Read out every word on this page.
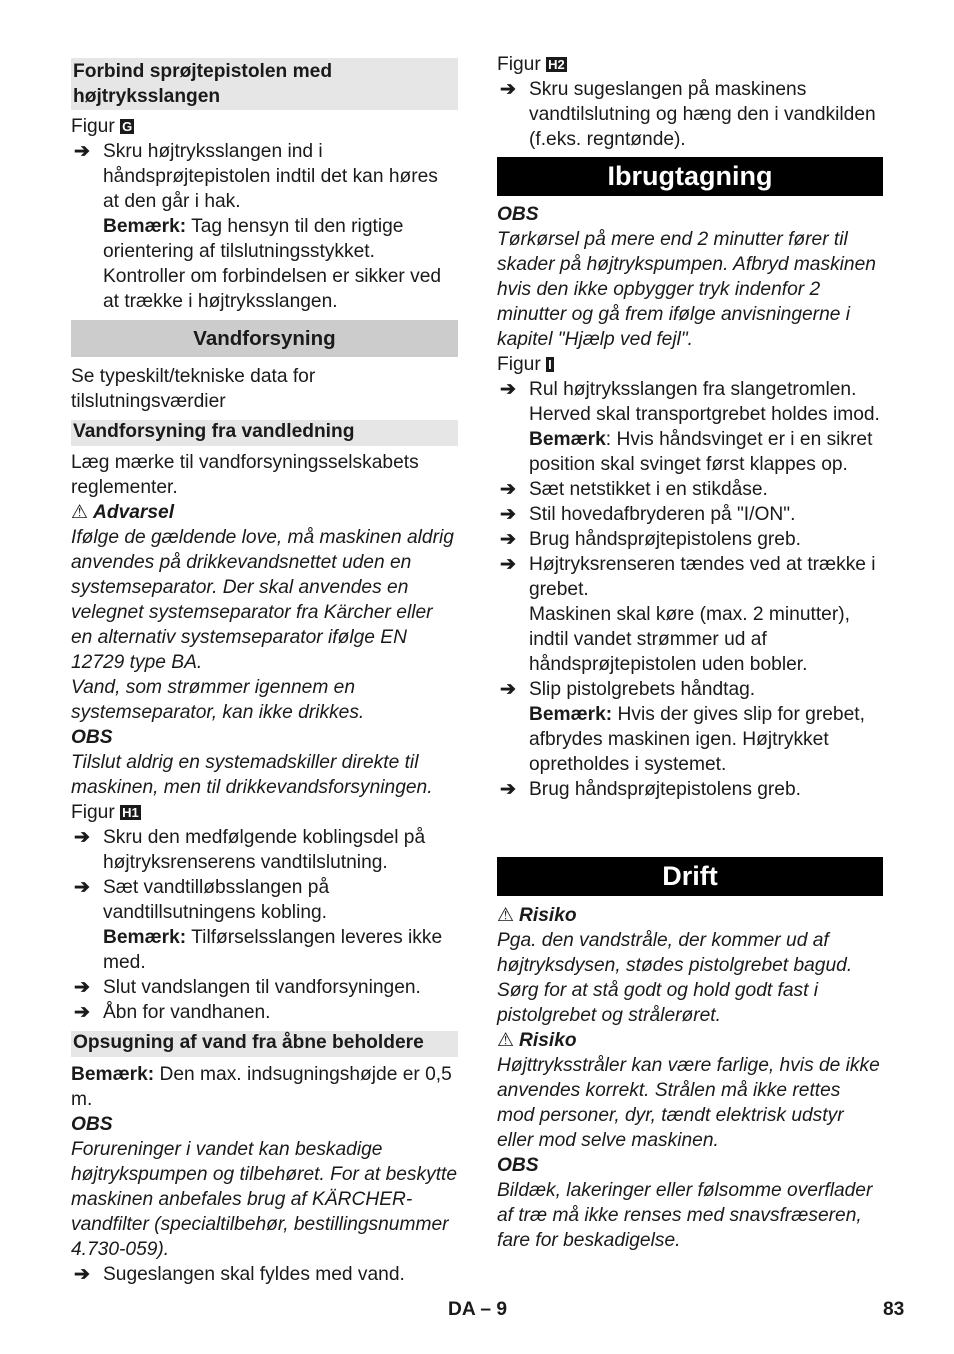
Forbind sprøjtepistolen med højtryksslangen

Figur G

➔ Skru højtryksslangen ind i håndsprøjtepistolen indtil det kan høres at den går i hak.

Bemærk: Tag hensyn til den rigtige orientering af tilslutningsstykket.

Kontroller om forbindelsen er sikker ved at trække i højtryksslangen.

Vandforsyning

Se typeskilt/tekniske data for tilslutningsværdier

Vandforsyning fra vandledning

Læg mærke til vandforsyningsselskabets reglementer.

⚠ Advarsel

Ifølge de gældende love, må maskinen aldrig anvendes på drikkevandsnettet uden en systemseparator. Der skal anvendes en velegnet systemseparator fra Kärcher eller en alternativ systemseparator ifølge EN 12729 type BA.

Vand, som strømmer igennem en systemseparator, kan ikke drikkes.

OBS

Tilslut aldrig en systemadskiller direkte til maskinen, men til drikkevandsforsyningen.

Figur H1

➔ Skru den medfølgende koblingsdel på højtryksrenserens vandtilslutning.

➔ Sæt vandtilløbsslangen på vandtillsutningens kobling.

Bemærk: Tilførselsslangen leveres ikke med.

➔ Slut vandslangen til vandforsyningen.

➔ Åbn for vandhanen.

Opsugning af vand fra åbne beholdere

Bemærk: Den max. indsugningshøjde er 0,5 m.

OBS

Forureninger i vandet kan beskadige højtrykspumpen og tilbehøret. For at beskytte maskinen anbefales brug af KÄRCHER-vandfilter (specialtilbehør, bestillingsnummer 4.730-059).

➔ Sugeslangen skal fyldes med vand.

Figur H2

➔ Skru sugeslangen på maskinens vandtilslutning og hæng den i vandkilden (f.eks. regntønde).

Ibrugtagning

OBS

Tørkørsel på mere end 2 minutter fører til skader på højtrykspumpen. Afbryd maskinen hvis den ikke opbygger tryk indenfor 2 minutter og gå frem ifølge anvisningerne i kapitel "Hjælp ved fejl".

Figur I

➔ Rul højtryksslangen fra slangetromlen. Herved skal transportgrebet holdes imod.

Bemærk: Hvis håndsvinget er i en sikret position skal svinget først klappes op.

➔ Sæt netstikket i en stikdåse.

➔ Stil hovedafbryderen på "I/ON".

➔ Brug håndsprøjtepistolens greb.

➔ Højtryksrenseren tændes ved at trække i grebet.

Maskinen skal køre (max. 2 minutter), indtil vandet strømmer ud af håndsprøjtepistolen uden bobler.

➔ Slip pistolgrebets håndtag.

Bemærk: Hvis der gives slip for grebet, afbrydes maskinen igen. Højtrykket opretholdes i systemet.

➔ Brug håndsprøjtepistolens greb.

Drift

⚠ Risiko

Pga. den vandstråle, der kommer ud af højtryksdysen, stødes pistolgrebet bagud.

Sørg for at stå godt og hold godt fast i pistolgrebet og strålerøret.

⚠ Risiko

Højttryksstråler kan være farlige, hvis de ikke anvendes korrekt. Strålen må ikke rettes mod personer, dyr, tændt elektrisk udstyr eller mod selve maskinen.

OBS

Bildæk, lakeringer eller følsomme overflader af træ må ikke renses med snavsfræseren, fare for beskadigelse.

DA – 9	83
